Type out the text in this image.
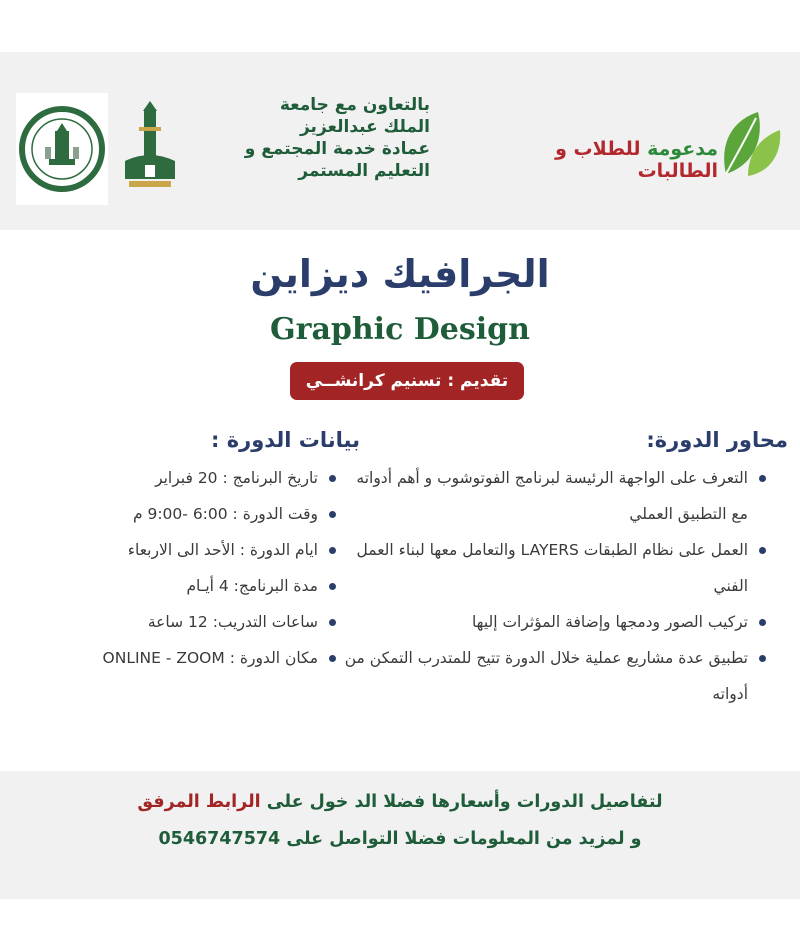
بالتعاون مع جامعة
الملك عبدالعزيز
عمادة خدمة المجتمع و
التعليم المستمر
مدعومة للطلاب و الطالبات
الجرافيك ديزاين
Graphic Design
تقديم : تسنيم كرانشــي
محاور الدورة:
التعرف على الواجهة الرئيسة لبرنامج الفوتوشوب و أهم أدواته مع التطبيق العملي
العمل على نظام الطبقات LAYERS والتعامل معها لبناء العمل الفني
تركيب الصور ودمجها وإضافة المؤثرات إليها
تطبيق عدة مشاريع عملية خلال الدورة تتيح للمتدرب التمكن من أدواته
بيانات الدورة :
تاريخ البرنامج : 20 فبراير
وقت الدورة : 6:00 -9:00 م
ايام الدورة : الأحد الى الاربعاء
مدة البرنامج: 4 أيـام
ساعات التدريب: 12 ساعة
مكان الدورة : ONLINE - ZOOM
لتفاصيل الدورات وأسعارها فضلا الد خول على الرابط المرفق
و لمزيد من المعلومات فضلا التواصل على 0546747574
